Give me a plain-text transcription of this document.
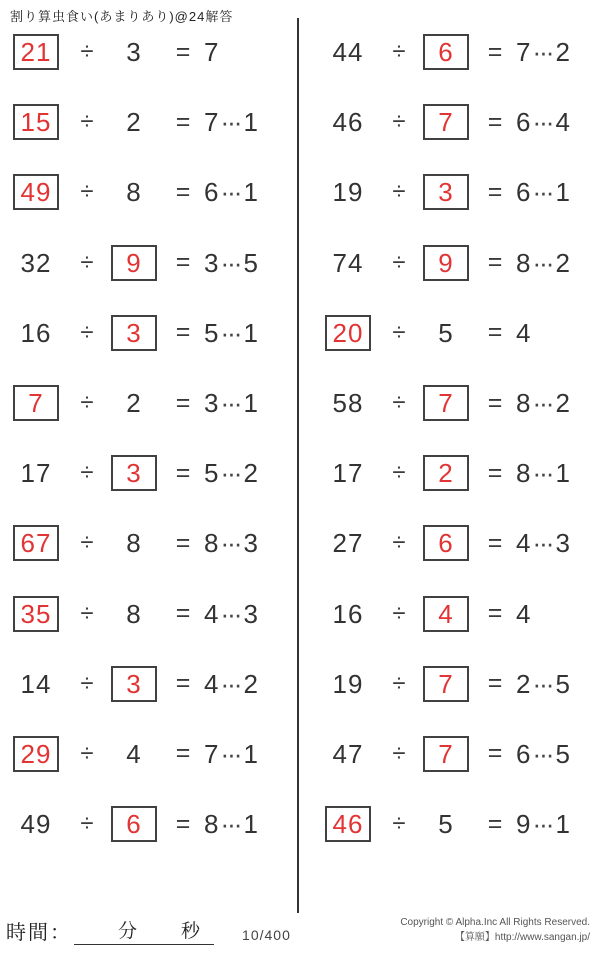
割り算虫食い(あまりあり)@24解答
21	÷	3	= 7
15	÷	2	= 7 ··· 1
49	÷	8	= 6 ··· 1
32	÷	9	= 3 ··· 5
16	÷	3	= 5 ··· 1
7	÷	2	= 3 ··· 1
17	÷	3	= 5 ··· 2
67	÷	8	= 8 ··· 3
35	÷	8	= 4 ··· 3
14	÷	3	= 4 ··· 2
29	÷	4	= 7 ··· 1
49	÷	6	= 8 ··· 1
44	÷	6	= 7 ··· 2
46	÷	7	= 6 ··· 4
19	÷	3	= 6 ··· 1
74	÷	9	= 8 ··· 2
20	÷	5	= 4
58	÷	7	= 8 ··· 2
17	÷	2	= 8 ··· 1
27	÷	6	= 4 ··· 3
16	÷	4	= 4
19	÷	7	= 2 ··· 5
47	÷	7	= 6 ··· 5
46	÷	5	= 9 ··· 1
時間： 分 秒	10/400
Copyright © Alpha.Inc All Rights Reserved.
【算願】http://www.sangan.jp/
